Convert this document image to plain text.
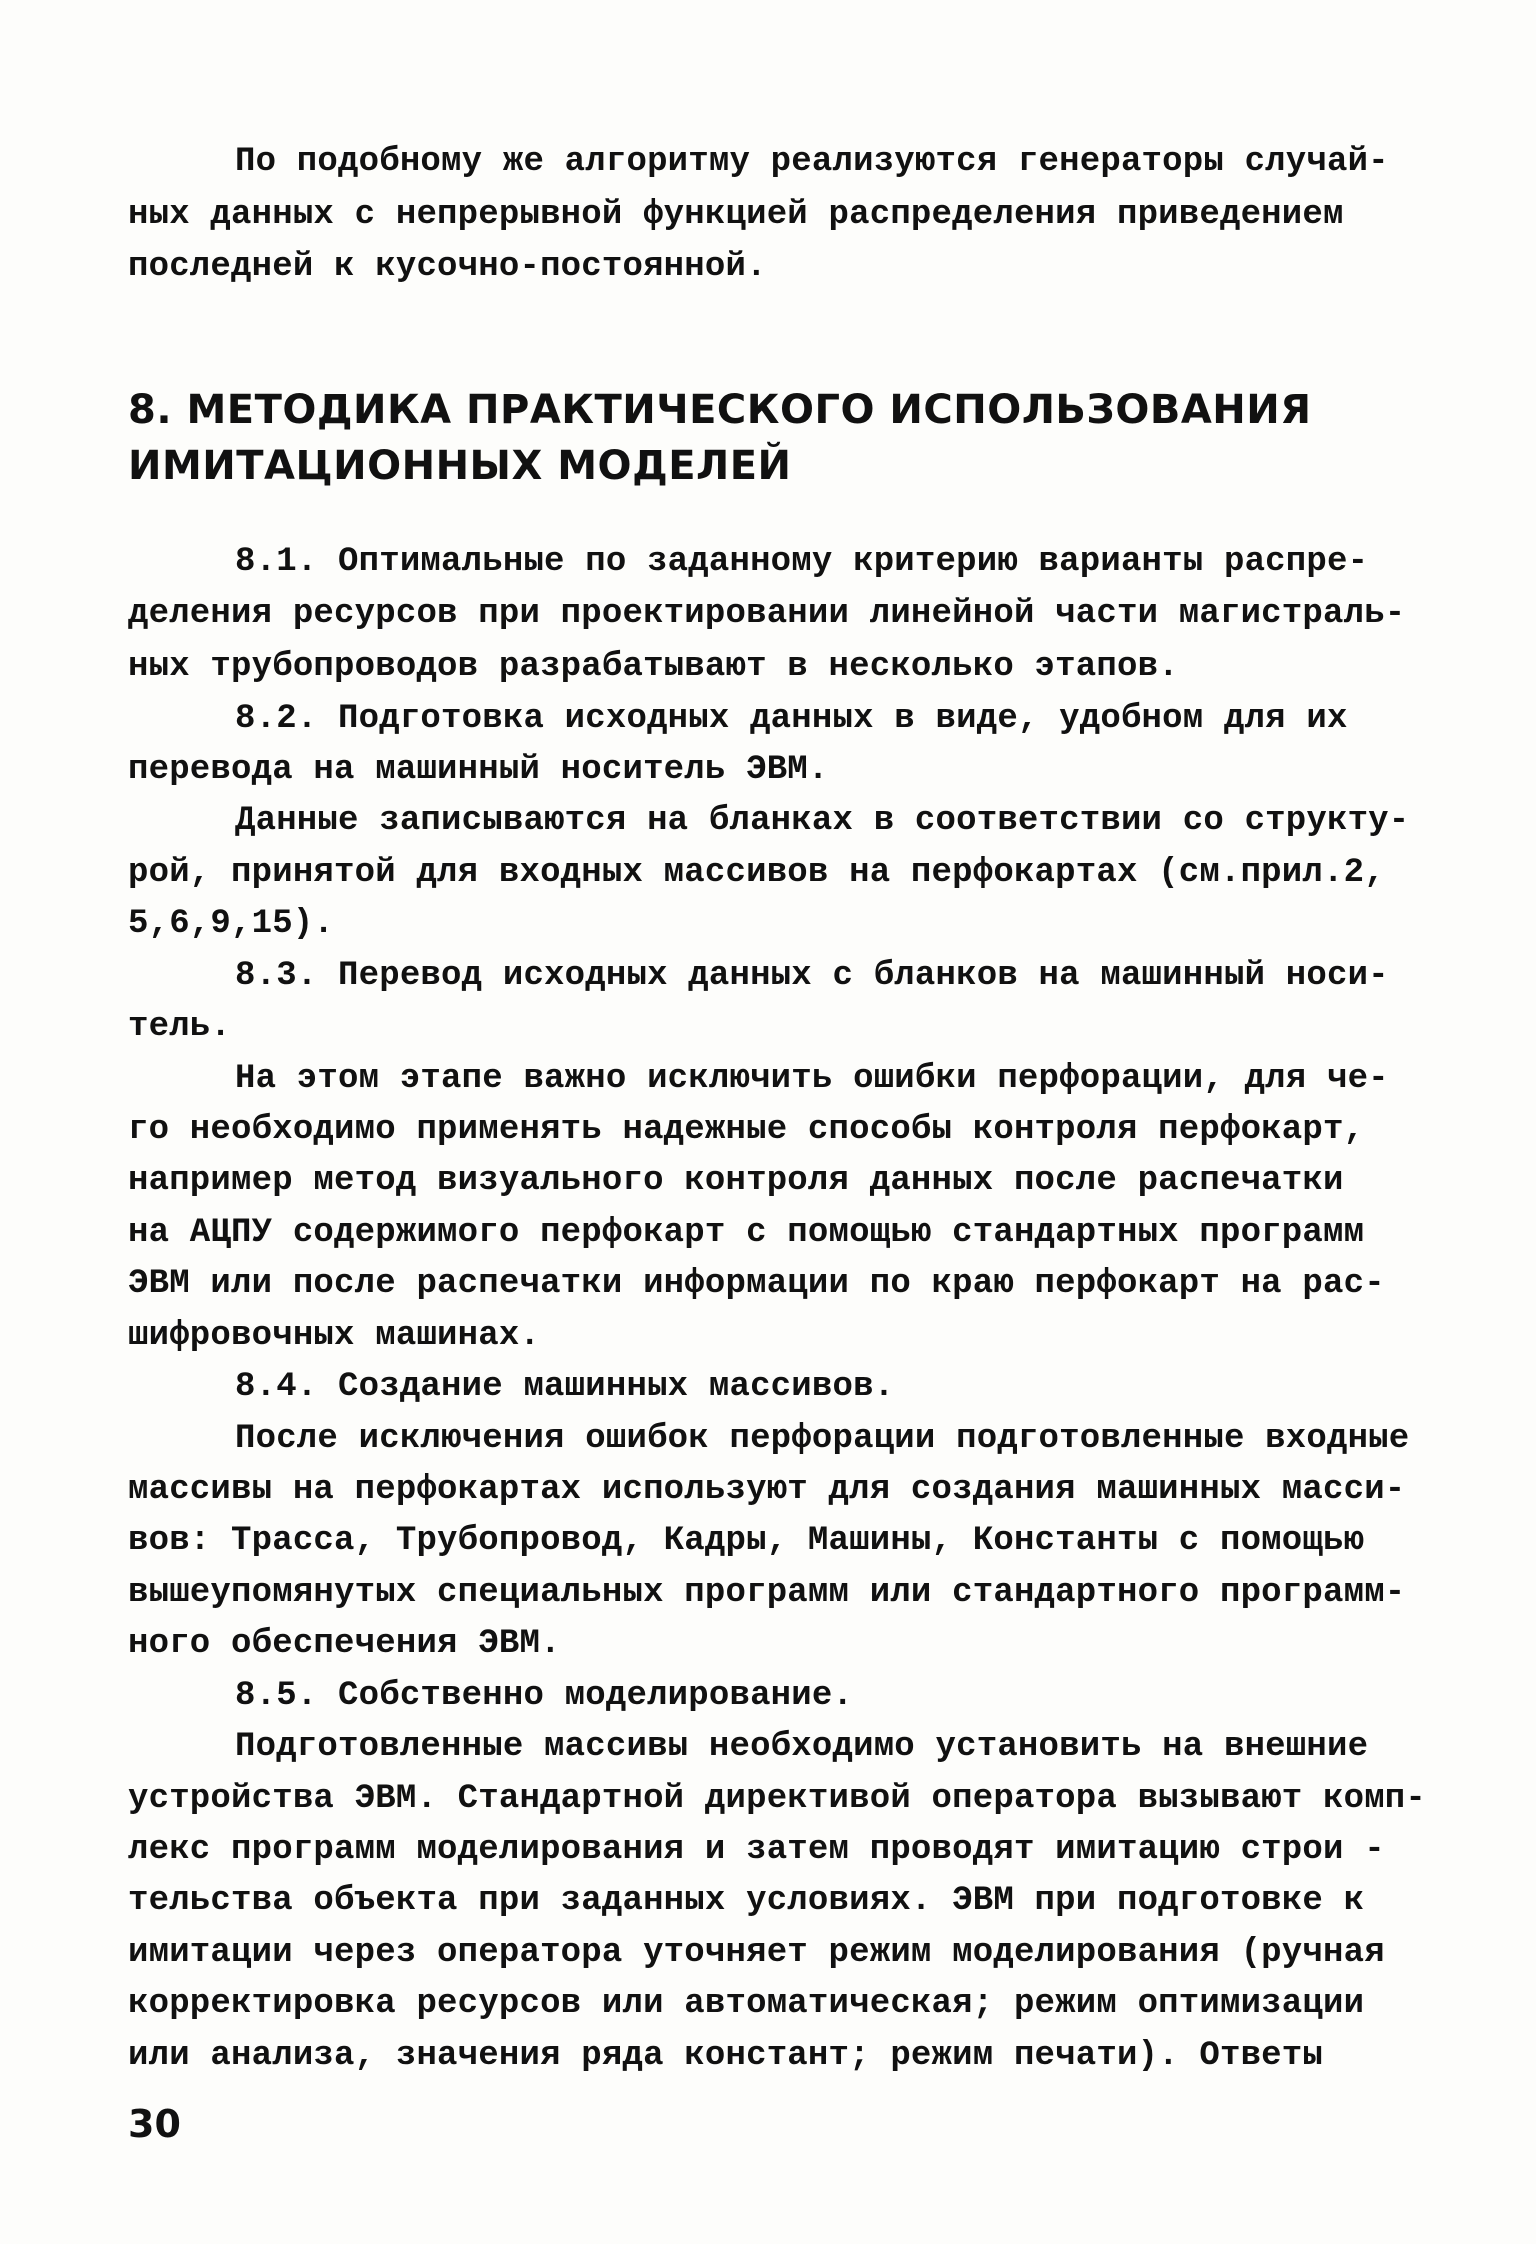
По подобному же алгоритму реализуются генераторы случай-

ных данных с непрерывной функцией распределения приведением

последней к кусочно-постоянной.

8. МЕТОДИКА ПРАКТИЧЕСКОГО ИСПОЛЬЗОВАНИЯ
ИМИТАЦИОННЫХ МОДЕЛЕЙ

8.1. Оптимальные по заданному критерию варианты распре-

деления ресурсов при проектировании линейной части магистраль-

ных трубопроводов разрабатывают в несколько этапов.

8.2. Подготовка исходных данных в виде, удобном для их

перевода на машинный носитель ЭВМ.

Данные записываются на бланках в соответствии со структу-

рой, принятой для входных массивов на перфокартах (см.прил.2,

5,6,9,15).

8.3. Перевод исходных данных с бланков на машинный носи-

тель.

На этом этапе важно исключить ошибки перфорации, для че-

го необходимо применять надежные способы контроля перфокарт,

например метод визуального контроля данных после распечатки

на АЦПУ содержимого перфокарт с помощью стандартных программ

ЭВМ или после распечатки информации по краю перфокарт на рас-

шифровочных машинах.

8.4. Создание машинных массивов.

После исключения ошибок перфорации подготовленные входные

массивы на перфокартах используют для создания машинных масси-

вов: Трасса, Трубопровод, Кадры, Машины, Константы с помощью

вышеупомянутых специальных программ или стандартного программ-

ного обеспечения ЭВМ.

8.5. Собственно моделирование.

Подготовленные массивы необходимо установить на внешние

устройства ЭВМ. Стандартной директивой оператора вызывают комп-

лекс программ моделирования и затем проводят имитацию строи -

тельства объекта при заданных условиях. ЭВМ при подготовке к

имитации через оператора уточняет режим моделирования (ручная

корректировка ресурсов или автоматическая; режим оптимизации

или анализа, значения ряда констант; режим печати). Ответы

30
